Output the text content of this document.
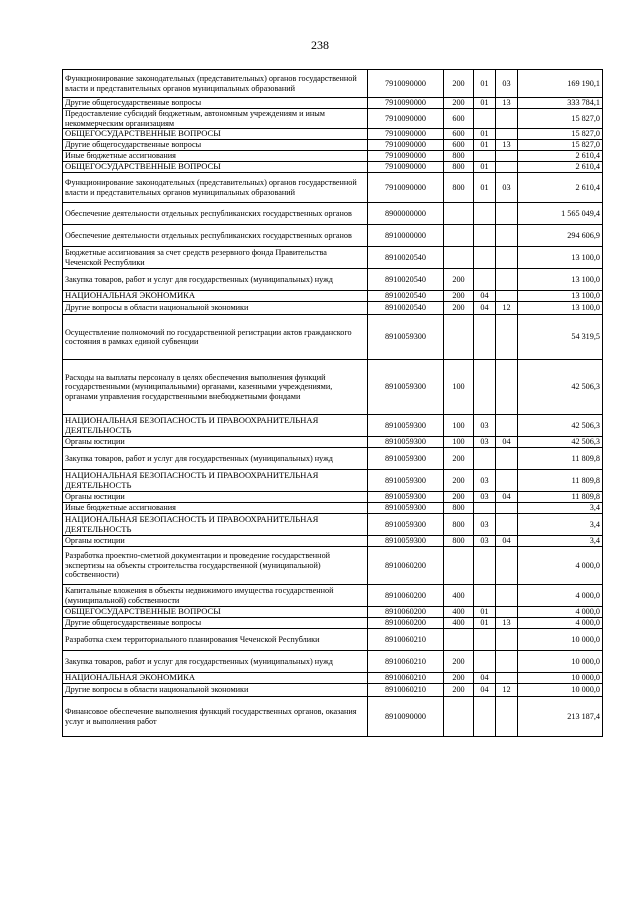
238
Функционирование законодательных (представительных) органов государственной власти и представительных органов муниципальных образований	7910090000	200	01	03	169 190,1
Другие общегосударственные вопросы	7910090000	200	01	13	333 784,1
Предоставление субсидий бюджетным, автономным учреждениям и иным некоммерческим организациям	7910090000	600			15 827,0
ОБЩЕГОСУДАРСТВЕННЫЕ ВОПРОСЫ	7910090000	600	01		15 827,0
Другие общегосударственные вопросы	7910090000	600	01	13	15 827,0
Иные бюджетные ассигнования	7910090000	800			2 610,4
ОБЩЕГОСУДАРСТВЕННЫЕ ВОПРОСЫ	7910090000	800	01		2 610,4
Функционирование законодательных (представительных) органов государственной власти и представительных органов муниципальных образований	7910090000	800	01	03	2 610,4
Обеспечение деятельности отдельных республиканских государственных органов	8900000000				1 565 049,4
Обеспечение деятельности отдельных республиканских государственных органов	8910000000				294 606,9
Бюджетные ассигнования за счет средств резервного фонда Правительства Чеченской Республики	8910020540				13 100,0
Закупка товаров, работ и услуг для государственных (муниципальных) нужд	8910020540	200			13 100,0
НАЦИОНАЛЬНАЯ ЭКОНОМИКА	8910020540	200	04		13 100,0
Другие вопросы в области национальной экономики	8910020540	200	04	12	13 100,0
Осуществление полномочий по государственной регистрации актов гражданского состояния в рамках единой субвенции	8910059300				54 319,5
Расходы на выплаты персоналу в целях обеспечения выполнения функций государственными (муниципальными) органами, казенными учреждениями, органами управления государственными внебюджетными фондами	8910059300	100			42 506,3
НАЦИОНАЛЬНАЯ БЕЗОПАСНОСТЬ И ПРАВООХРАНИТЕЛЬНАЯ ДЕЯТЕЛЬНОСТЬ	8910059300	100	03		42 506,3
Органы юстиции	8910059300	100	03	04	42 506,3
Закупка товаров, работ и услуг для государственных (муниципальных) нужд	8910059300	200			11 809,8
НАЦИОНАЛЬНАЯ БЕЗОПАСНОСТЬ И ПРАВООХРАНИТЕЛЬНАЯ ДЕЯТЕЛЬНОСТЬ	8910059300	200	03		11 809,8
Органы юстиции	8910059300	200	03	04	11 809,8
Иные бюджетные ассигнования	8910059300	800			3,4
НАЦИОНАЛЬНАЯ БЕЗОПАСНОСТЬ И ПРАВООХРАНИТЕЛЬНАЯ ДЕЯТЕЛЬНОСТЬ	8910059300	800	03		3,4
Органы юстиции	8910059300	800	03	04	3,4
Разработка проектно-сметной документации и проведение государственной экспертизы на объекты строительства государственной (муниципальной) собственности)	8910060200				4 000,0
Капитальные вложения в объекты недвижимого имущества государственной (муниципальной) собственности	8910060200	400			4 000,0
ОБЩЕГОСУДАРСТВЕННЫЕ ВОПРОСЫ	8910060200	400	01		4 000,0
Другие общегосударственные вопросы	8910060200	400	01	13	4 000,0
Разработка схем территориального планирования Чеченской Республики	8910060210				10 000,0
Закупка товаров, работ и услуг для государственных (муниципальных) нужд	8910060210	200			10 000,0
НАЦИОНАЛЬНАЯ ЭКОНОМИКА	8910060210	200	04		10 000,0
Другие вопросы в области национальной экономики	8910060210	200	04	12	10 000,0
Финансовое обеспечение выполнения функций государственных органов, оказания услуг и выполнения работ	8910090000				213 187,4
